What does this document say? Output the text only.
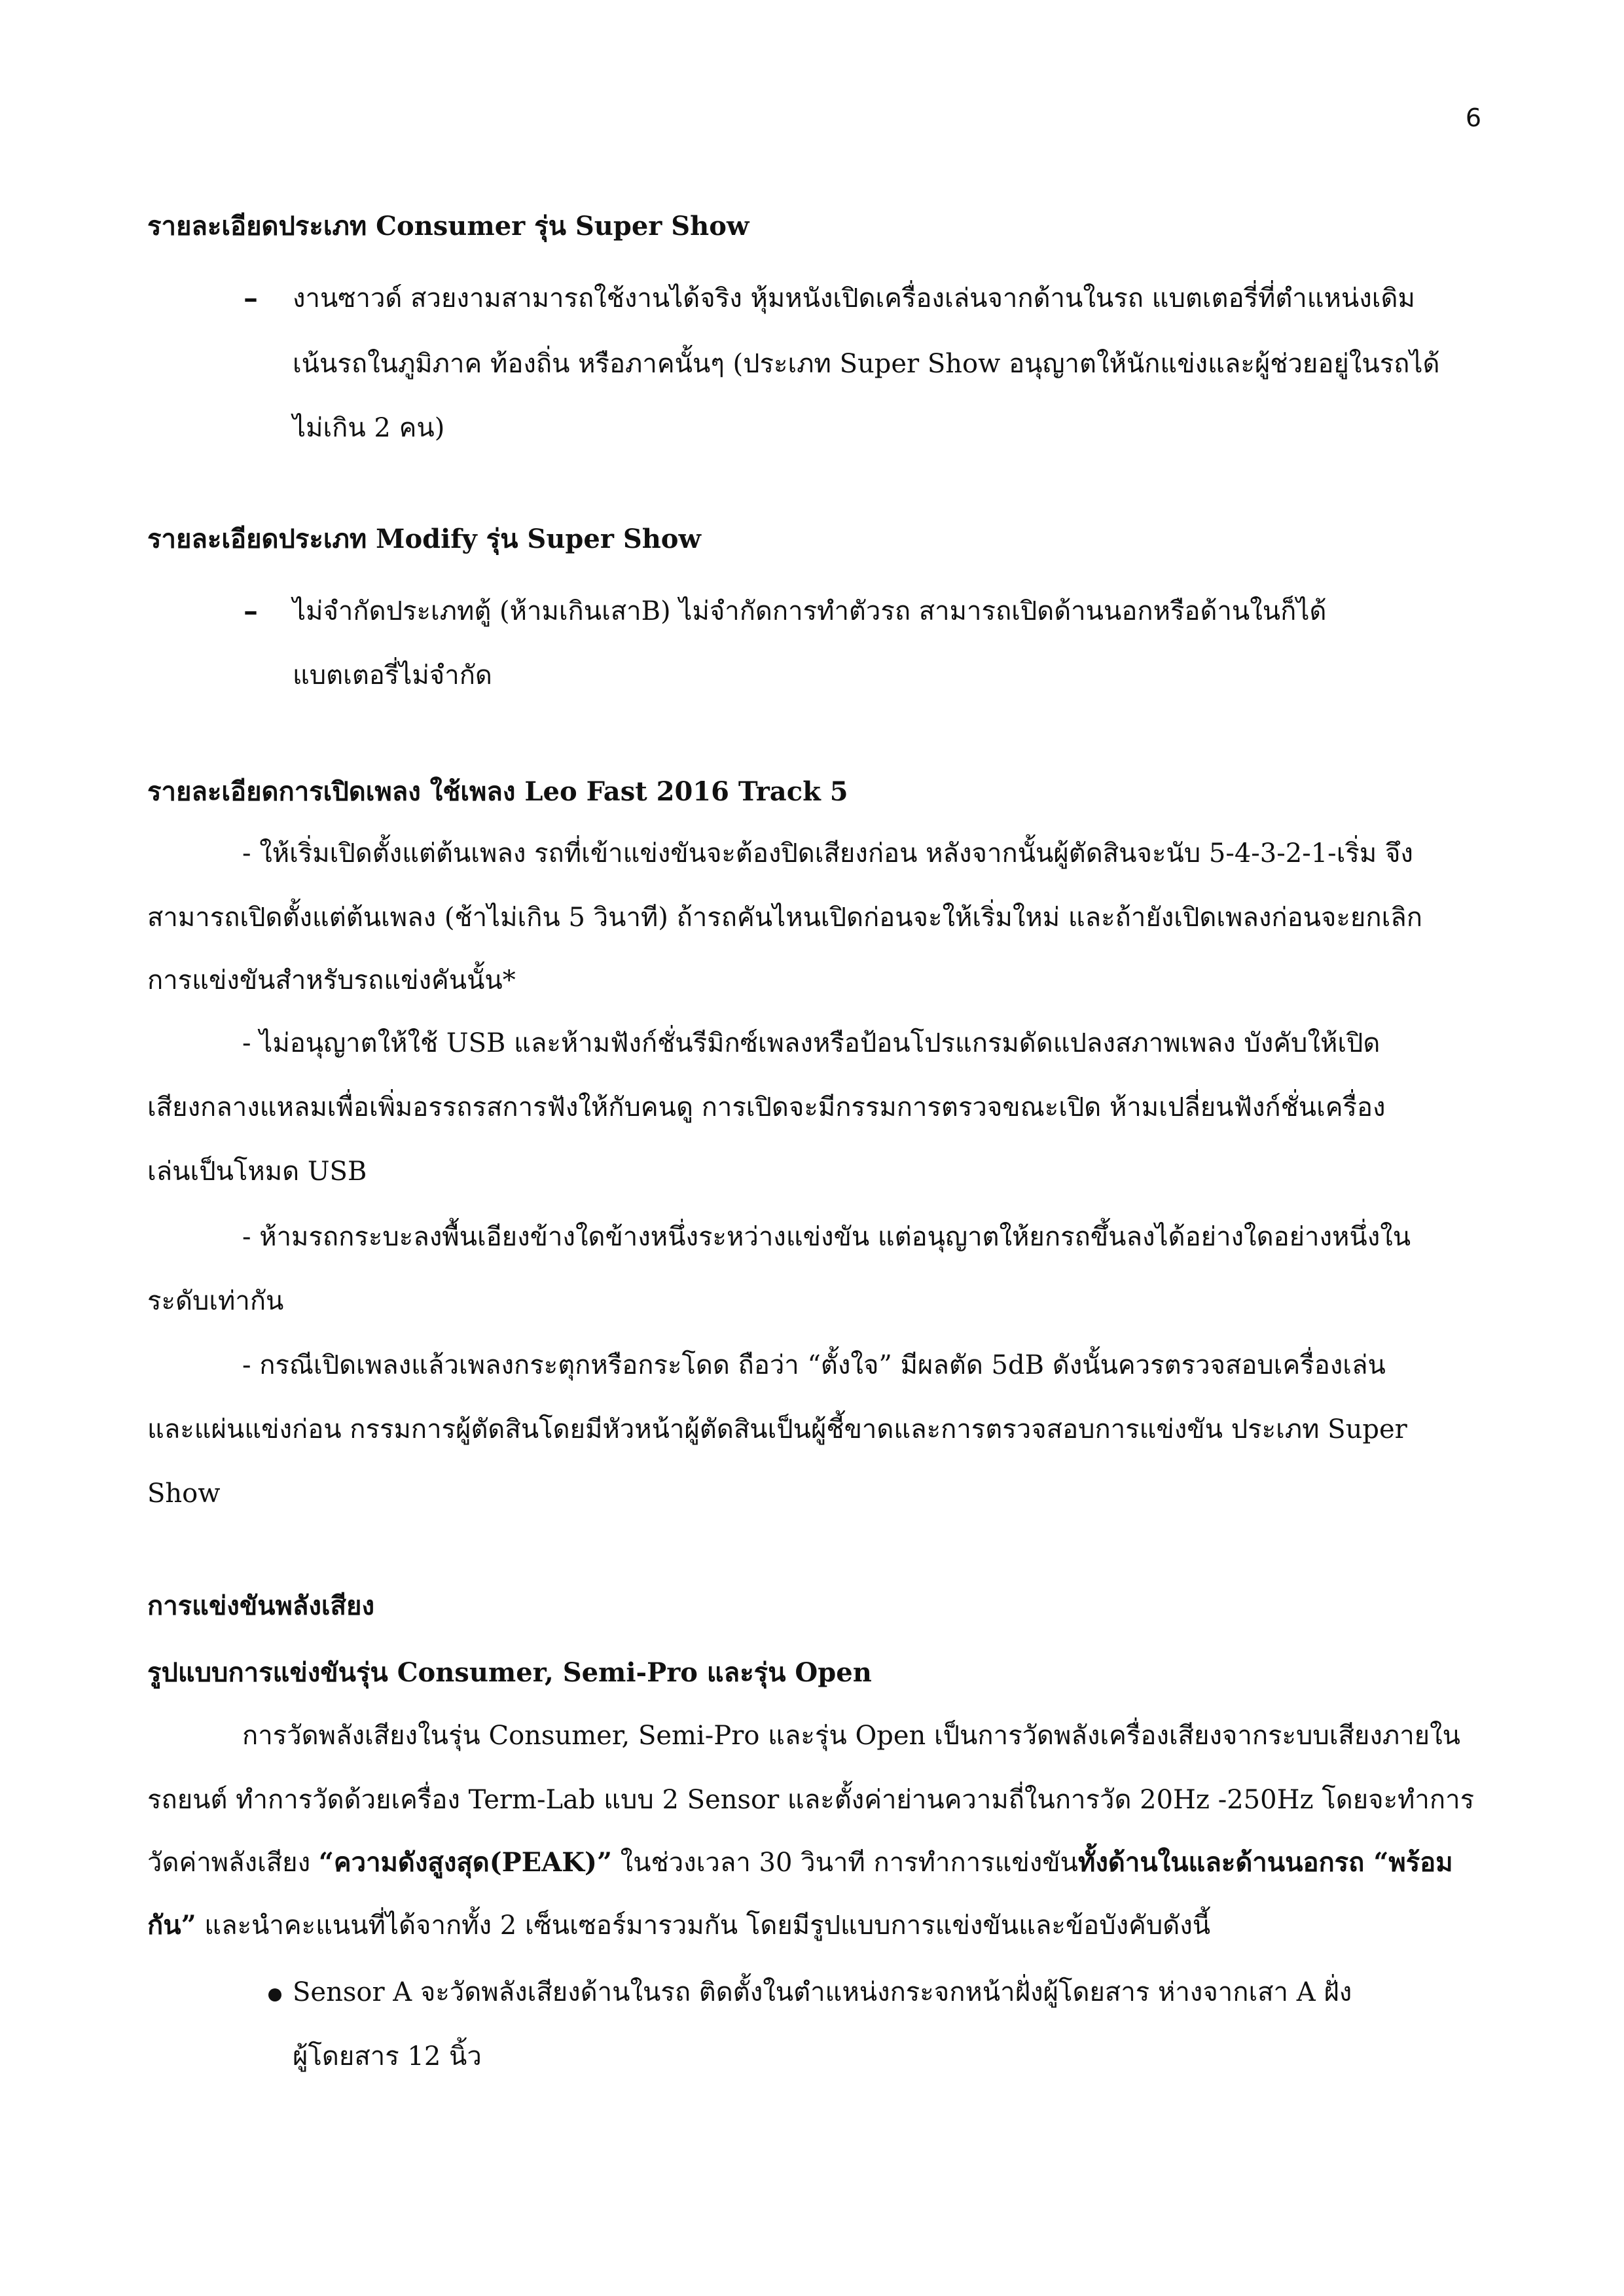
6
รายละเอียดประเภท Consumer รุ่น Super Show
– งานซาวด์ สวยงามสามารถใช้งานได้จริง หุ้มหนังเปิดเครื่องเล่นจากด้านในรถ แบตเตอรี่ที่ตำแหน่งเดิม
เน้นรถในภูมิภาค ท้องถิ่น หรือภาคนั้นๆ (ประเภท Super Show อนุญาตให้นักแข่งและผู้ช่วยอยู่ในรถได้
ไม่เกิน 2 คน)
รายละเอียดประเภท Modify รุ่น Super Show
– ไม่จำกัดประเภทตู้ (ห้ามเกินเสาB) ไม่จำกัดการทำตัวรถ สามารถเปิดด้านนอกหรือด้านในก็ได้
แบตเตอรี่ไม่จำกัด
รายละเอียดการเปิดเพลง ใช้เพลง Leo Fast 2016 Track 5
- ให้เริ่มเปิดตั้งแต่ต้นเพลง รถที่เข้าแข่งขันจะต้องปิดเสียงก่อน หลังจากนั้นผู้ตัดสินจะนับ 5-4-3-2-1-เริ่ม จึง
สามารถเปิดตั้งแต่ต้นเพลง (ช้าไม่เกิน 5 วินาที) ถ้ารถคันไหนเปิดก่อนจะให้เริ่มใหม่ และถ้ายังเปิดเพลงก่อนจะยกเลิก
การแข่งขันสำหรับรถแข่งคันนั้น*
- ไม่อนุญาตให้ใช้ USB และห้ามฟังก์ชั่นรีมิกซ์เพลงหรือป้อนโปรแกรมดัดแปลงสภาพเพลง บังคับให้เปิด
เสียงกลางแหลมเพื่อเพิ่มอรรถรสการฟังให้กับคนดู การเปิดจะมีกรรมการตรวจขณะเปิด ห้ามเปลี่ยนฟังก์ชั่นเครื่อง
เล่นเป็นโหมด USB
- ห้ามรถกระบะลงพื้นเอียงข้างใดข้างหนึ่งระหว่างแข่งขัน แต่อนุญาตให้ยกรถขึ้นลงได้อย่างใดอย่างหนึ่งใน
ระดับเท่ากัน
- กรณีเปิดเพลงแล้วเพลงกระตุกหรือกระโดด ถือว่า “ตั้งใจ” มีผลตัด 5dB ดังนั้นควรตรวจสอบเครื่องเล่น
และแผ่นแข่งก่อน กรรมการผู้ตัดสินโดยมีหัวหน้าผู้ตัดสินเป็นผู้ชี้ขาดและการตรวจสอบการแข่งขัน ประเภท Super
Show
การแข่งขันพลังเสียง
รูปแบบการแข่งขันรุ่น Consumer, Semi-Pro และรุ่น Open
การวัดพลังเสียงในรุ่น Consumer, Semi-Pro และรุ่น Open เป็นการวัดพลังเครื่องเสียงจากระบบเสียงภายใน
รถยนต์ ทำการวัดด้วยเครื่อง Term-Lab แบบ 2 Sensor และตั้งค่าย่านความถี่ในการวัด 20Hz -250Hz โดยจะทำการ
วัดค่าพลังเสียง “ความดังสูงสุด(PEAK)” ในช่วงเวลา 30 วินาที การทำการแข่งขันทั้งด้านในและด้านนอกรถ “พร้อม
กัน” และนำคะแนนที่ได้จากทั้ง 2 เซ็นเซอร์มารวมกัน โดยมีรูปแบบการแข่งขันและข้อบังคับดังนี้
Sensor A จะวัดพลังเสียงด้านในรถ ติดตั้งในตำแหน่งกระจกหน้าฝั่งผู้โดยสาร ห่างจากเสา A ฝั่ง
ผู้โดยสาร 12 นิ้ว
